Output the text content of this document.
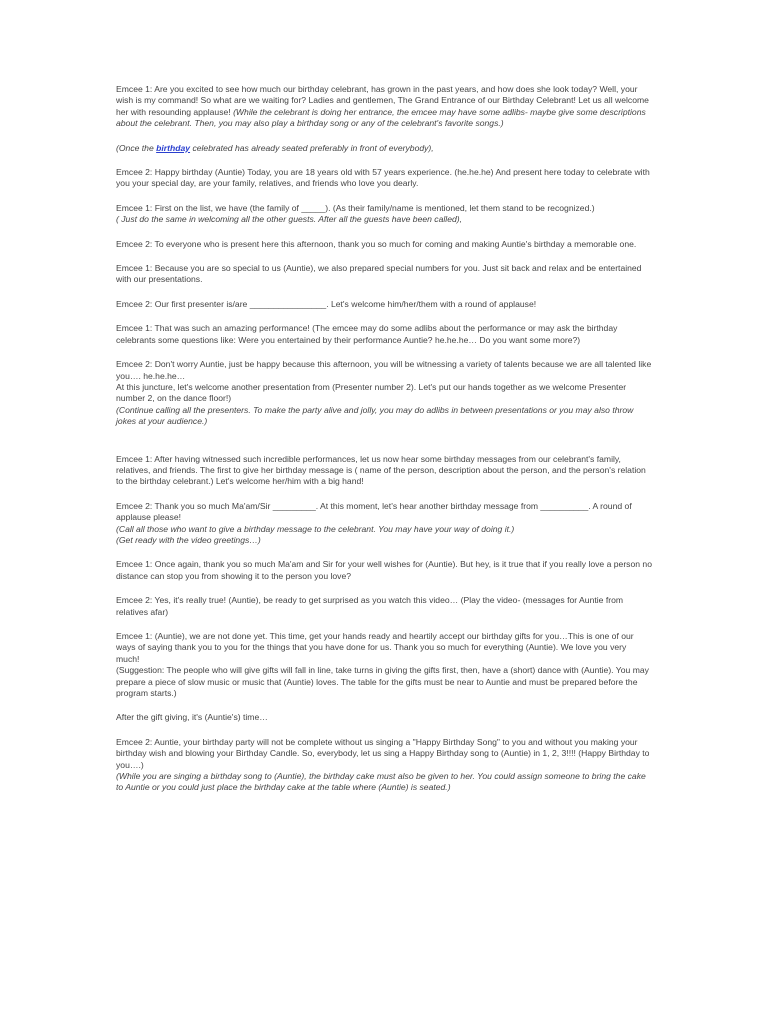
Emcee 1: Are you excited to see how much our birthday celebrant, has grown in the past years, and how does she look today? Well, your wish is my command! So what are we waiting for? Ladies and gentlemen, The Grand Entrance of our Birthday Celebrant! Let us all welcome her with resounding applause! (While the celebrant is doing her entrance, the emcee may have some adlibs- maybe give some descriptions about the celebrant. Then, you may also play a birthday song or any of the celebrant's favorite songs.)

(Once the birthday celebrated has already seated preferably in front of everybody),

Emcee 2: Happy birthday (Auntie) Today, you are 18 years old with 57 years experience. (he.he.he) And present here today to celebrate with you your special day, are your family, relatives, and friends who love you dearly.

Emcee 1: First on the list, we have (the family of _____). (As their family/name is mentioned, let them stand to be recognized.)

( Just do the same in welcoming all the other guests. After all the guests have been called),

Emcee 2: To everyone who is present here this afternoon, thank you so much for coming and making Auntie's birthday a memorable one.

Emcee 1: Because you are so special to us (Auntie), we also prepared special numbers for you. Just sit back and relax and be entertained with our presentations.

Emcee 2: Our first presenter is/are ________________. Let's welcome him/her/them with a round of applause!

Emcee 1: That was such an amazing performance! (The emcee may do some adlibs about the performance or may ask the birthday celebrants some questions like: Were you entertained by their performance Auntie? he.he.he… Do you want some more?)

Emcee 2: Don't worry Auntie, just be happy because this afternoon, you will be witnessing a variety of talents because we are all talented like you…. he.he.he…

At this juncture, let's welcome another presentation from (Presenter number 2). Let's put our hands together as we welcome Presenter number 2, on the dance floor!)

(Continue calling all the presenters. To make the party alive and jolly, you may do adlibs in between presentations or you may also throw jokes at your audience.)

Emcee 1: After having witnessed such incredible performances, let us now hear some birthday messages from our celebrant's family, relatives, and friends. The first to give her birthday message is ( name of the person, description about the person, and the person's relation to the birthday celebrant.) Let's welcome her/him with a big hand!

Emcee 2: Thank you so much Ma'am/Sir _________. At this moment, let's hear another birthday message from __________. A round of applause please!

(Call all those who want to give a birthday message to the celebrant. You may have your way of doing it.)

(Get ready with the video greetings…)

Emcee 1: Once again, thank you so much Ma'am and Sir for your well wishes for (Auntie). But hey, is it true that if you really love a person no distance can stop you from showing it to the person you love?

Emcee 2: Yes, it's really true! (Auntie), be ready to get surprised as you watch this video… (Play the video- (messages for Auntie from relatives afar)

Emcee 1: (Auntie), we are not done yet. This time, get your hands ready and heartily accept our birthday gifts for you…This is one of our ways of saying thank you to you for the things that you have done for us. Thank you so much for everything (Auntie). We love you very much!

(Suggestion: The people who will give gifts will fall in line, take turns in giving the gifts first, then, have a (short) dance with (Auntie). You may prepare a piece of slow music or music that (Auntie) loves. The table for the gifts must be near to Auntie and must be prepared before the program starts.)

After the gift giving, it's (Auntie's) time…

Emcee 2: Auntie, your birthday party will not be complete without us singing a "Happy Birthday Song" to you and without you making your birthday wish and blowing your Birthday Candle. So, everybody, let us sing a Happy Birthday song to (Auntie) in 1, 2, 3!!!! (Happy Birthday to you….)

(While you are singing a birthday song to (Auntie), the birthday cake must also be given to her. You could assign someone to bring the cake to Auntie or you could just place the birthday cake at the table where (Auntie) is seated.)
